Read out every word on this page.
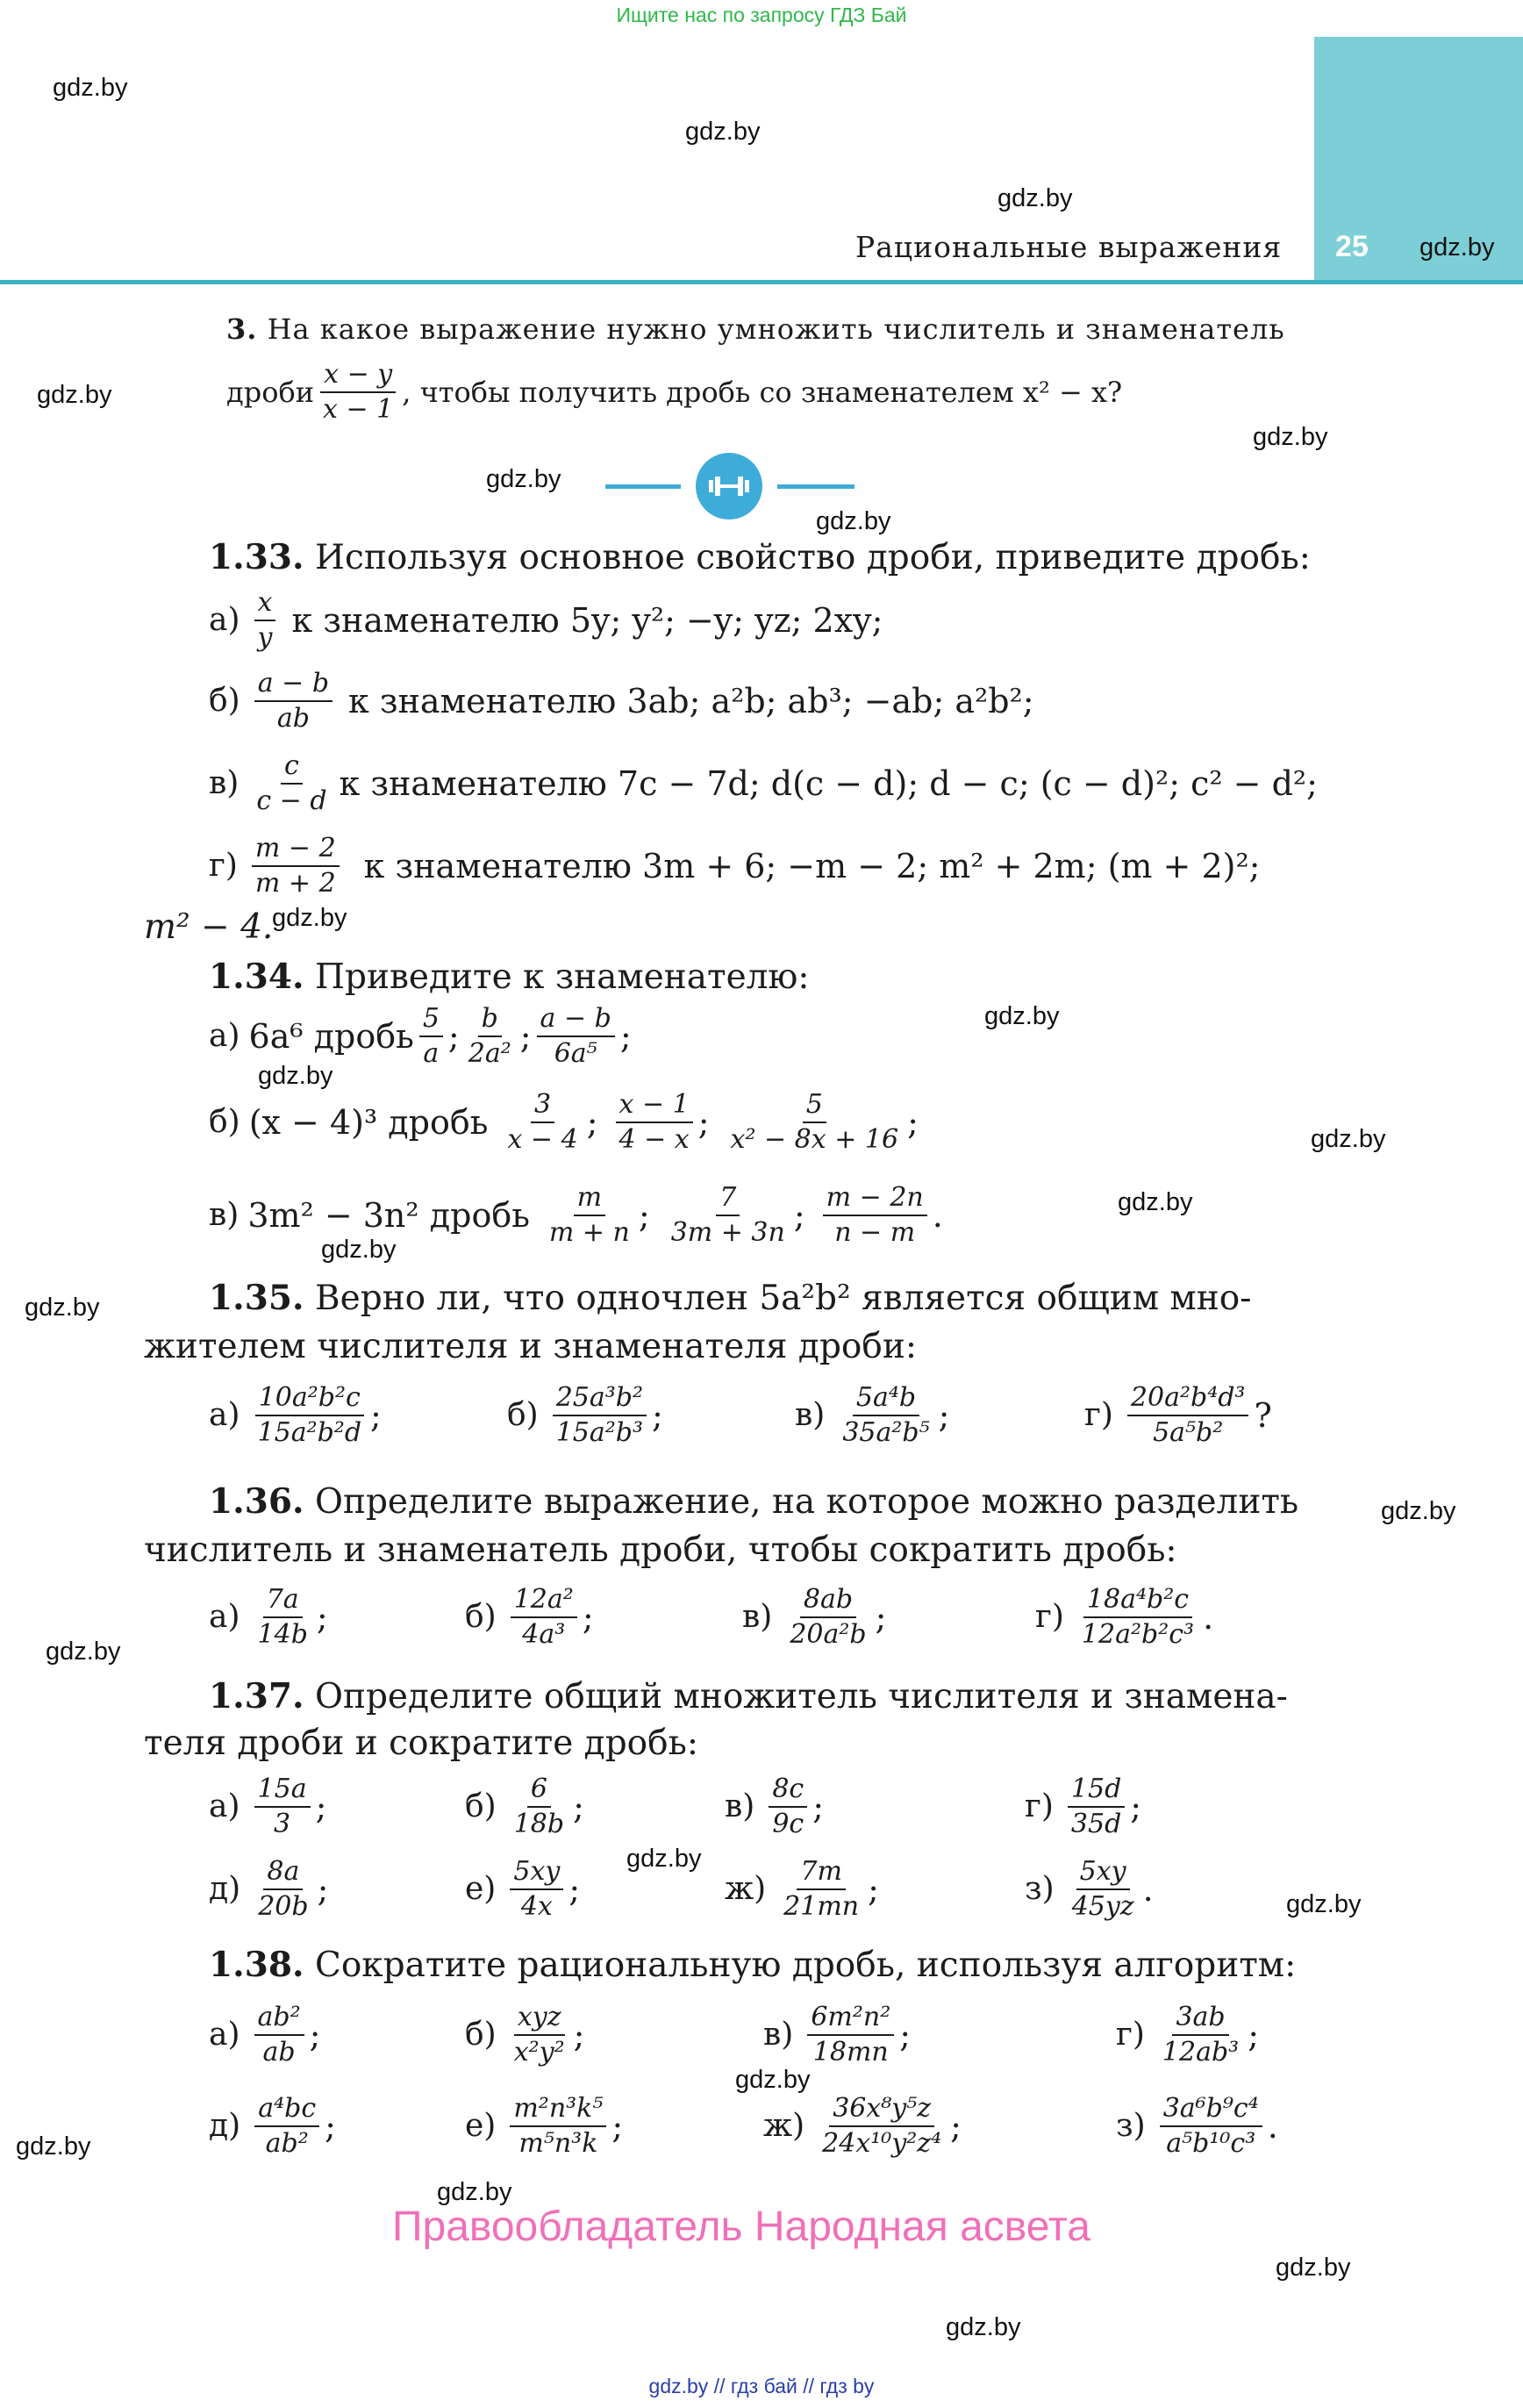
Ищите нас по запросу ГДЗ Бай
25
Рациональные выражения
gdz.by
gdz.by
gdz.by
gdz.by
gdz.by
gdz.by
gdz.by
gdz.by
gdz.by
gdz.by
gdz.by
gdz.by
gdz.by
gdz.by
gdz.by
gdz.by
gdz.by
gdz.by
gdz.by
gdz.by
gdz.by
gdz.by
gdz.by
gdz.by
3. На какое выражение нужно умножить числитель и знаменатель
дроби $\frac{x - y}{x - 1}$ , чтобы получить дробь со знаменателем x² − x?
1.33. Используя основное свойство дроби, приведите дробь:
$а) \frac{x}{y}$ к знаменателю 5y; y²; −y; yz; 2xy;
$б) \frac{a - b}{ab}$ к знаменателю 3ab; a²b; ab³; −ab; a²b²;
$в) \frac{c}{c - d}$ к знаменателю 7c − 7d; d(c − d); d − c; (c − d)²; c² − d²;
$г) \frac{m - 2}{m + 2}$ к знаменателю 3m + 6; −m − 2; m² + 2m; (m + 2)²;
m² − 4.
1.34. Приведите к знаменателю:
а) 6a⁶ дробь $\frac{5}{a}$ ; $\frac{b}{\text{2a²}}$ ; $\frac{a - b}{\text{6a⁵}}$ ;
б) (x − 4)³ дробь $\frac{3}{x - 4}$ ; $\frac{x - 1}{4 - x}$ ; $\frac{5}{\text{x² − 8x + 16}}$ ;
в) 3m² − 3n² дробь $\frac{m}{m + n}$ ; $\frac{7}{3m + 3n}$ ; $\frac{m - 2n}{n - m}$ .
1.35. Верно ли, что одночлен 5a²b² является общим мно-
жителем числителя и знаменателя дроби:
$а) \frac{\text{10a²b²c}}{\text{15a²b²d}}$ ;	$б) \frac{\text{25a³b²}}{\text{15a²b³}}$ ;	$в) \frac{\text{5a⁴b}}{\text{35a²b⁵}}$ ;	$г) \frac{\text{20a²b⁴d³}}{\text{5a⁵b²}}$ ?
1.36. Определите выражение, на которое можно разделить
числитель и знаменатель дроби, чтобы сократить дробь:
$а) \frac{7a}{14b}$ ;	$б) \frac{\text{12a²}}{\text{4a³}}$ ;	$в) \frac{8ab}{\text{20a²b}}$ ;	$г) \frac{\text{18a⁴b²c}}{\text{12a²b²c³}}$ .
1.37. Определите общий множитель числителя и знамена-
теля дроби и сократите дробь:
$а) \frac{15a}{3}$ ;	$б) \frac{6}{18b}$ ;	$в) \frac{8c}{9c}$ ;	$г) \frac{15d}{35d}$ ;
$д) \frac{8a}{20b}$ ;	$е) \frac{5xy}{4x}$ ;	$ж) \frac{7m}{21mn}$ ;	$з) \frac{5xy}{45yz}$ .
1.38. Сократите рациональную дробь, используя алгоритм:
$а) \frac{\text{ab²}}{ab}$ ;	$б) \frac{\text{xyz}}{\text{x²y²}}$ ;	$в) \frac{\text{6m²n²}}{18mn}$ ;	$г) \frac{3ab}{\text{12ab³}}$ ;
$д) \frac{\text{a⁴bc}}{\text{ab²}}$ ;	$е) \frac{\text{m²n³k⁵}}{\text{m⁵n³k}}$ ;	$ж) \frac{\text{36x⁸y⁵z}}{\text{24x¹⁰y²z⁴}}$ ;	$з) \frac{\text{3a⁶b⁹c⁴}}{\text{a⁵b¹⁰c³}}$ .
Правообладатель Народная асвета
gdz.by // гдз бай // гдз by
